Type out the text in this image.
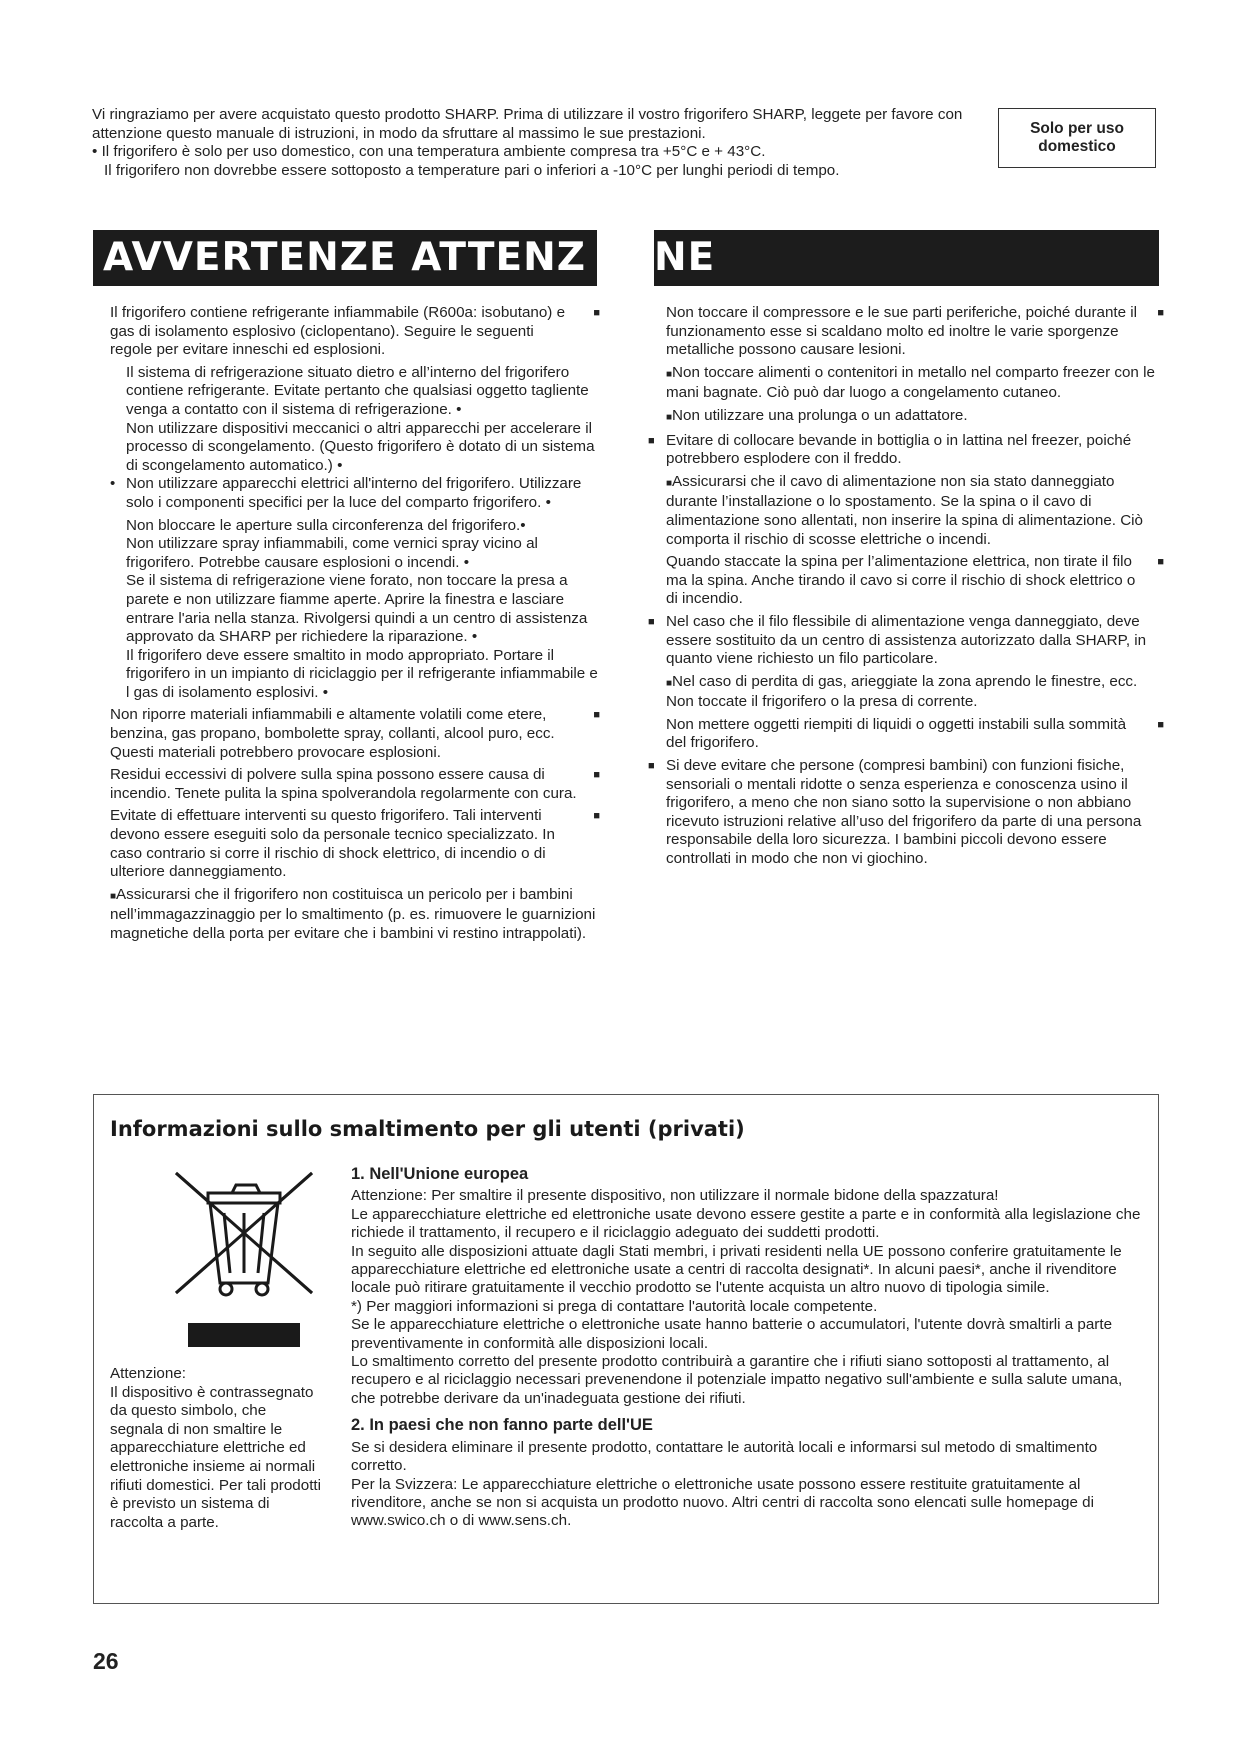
Vi ringraziamo per avere acquistato questo prodotto SHARP. Prima di utilizzare il vostro frigorifero SHARP, leggete per favore con attenzione questo manuale di istruzioni, in modo da sfruttare al massimo le sue prestazioni.

• Il frigorifero è solo per uso domestico, con una temperatura ambiente compresa tra +5°C e + 43°C.

Il frigorifero non dovrebbe essere sottoposto a temperature pari o inferiori a -10°C per lunghi periodi di tempo.

Solo per uso
domestico
AVVERTENZE ATTENZ NE
Il frigorifero contiene refrigerante infiammabile (R600a: isobutano) e gas di isolamento esplosivo (ciclopentano). Seguire le seguenti regole per evitare inneschi ed esplosioni.
■
Il sistema di refrigerazione situato dietro e all’interno del frigorifero contiene refrigerante. Evitate pertanto che qualsiasi oggetto tagliente venga a contatto con il sistema di refrigerazione. •
Non utilizzare dispositivi meccanici o altri apparecchi per accelerare il processo di scongelamento. (Questo frigorifero è dotato di un sistema di scongelamento automatico.) •
• Non utilizzare apparecchi elettrici all'interno del frigorifero. Utilizzare solo i componenti specifici per la luce del comparto frigorifero. •
Non bloccare le aperture sulla circonferenza del frigorifero.•
Non utilizzare spray infiammabili, come vernici spray vicino al frigorifero. Potrebbe causare esplosioni o incendi. •
Se il sistema di refrigerazione viene forato, non toccare la presa a parete e non utilizzare fiamme aperte. Aprire la finestra e lasciare entrare l'aria nella stanza. Rivolgersi quindi a un centro di assistenza approvato da SHARP per richiedere la riparazione. •
Il frigorifero deve essere smaltito in modo appropriato. Portare il frigorifero in un impianto di riciclaggio per il refrigerante infiammabile e l gas di isolamento esplosivi. •
Non riporre materiali infiammabili e altamente volatili come etere, benzina, gas propano, bombolette spray, collanti, alcool puro, ecc. Questi materiali potrebbero provocare esplosioni.
■
Residui eccessivi di polvere sulla spina possono essere causa di incendio. Tenete pulita la spina spolverandola regolarmente con cura.
■
Evitate di effettuare interventi su questo frigorifero. Tali interventi devono essere eseguiti solo da personale tecnico specializzato. In caso contrario si corre il rischio di shock elettrico, di incendio o di ulteriore danneggiamento.
■
■Assicurarsi che il frigorifero non costituisca un pericolo per i bambini nell’immagazzinaggio per lo smaltimento (p. es. rimuovere le guarnizioni magnetiche della porta per evitare che i bambini vi restino intrappolati).
Non toccare il compressore e le sue parti periferiche, poiché durante il funzionamento esse si scaldano molto ed inoltre le varie sporgenze metalliche possono causare lesioni.
■
■Non toccare alimenti o contenitori in metallo nel comparto freezer con le mani bagnate. Ciò può dar luogo a congelamento cutaneo.
■Non utilizzare una prolunga o un adattatore.
■ Evitare di collocare bevande in bottiglia o in lattina nel freezer, poiché potrebbero esplodere con il freddo.
■Assicurarsi che il cavo di alimentazione non sia stato danneggiato durante l’installazione o lo spostamento. Se la spina o il cavo di alimentazione sono allentati, non inserire la spina di alimentazione. Ciò comporta il rischio di scosse elettriche o incendi.
Quando staccate la spina per l’alimentazione elettrica, non tirate il filo ma la spina. Anche tirando il cavo si corre il rischio di shock elettrico o di incendio.
■
■ Nel caso che il filo flessibile di alimentazione venga danneggiato, deve essere sostituito da un centro di assistenza autorizzato dalla SHARP, in quanto viene richiesto un filo particolare.
■Nel caso di perdita di gas, arieggiate la zona aprendo le finestre, ecc. Non toccate il frigorifero o la presa di corrente.
Non mettere oggetti riempiti di liquidi o oggetti instabili sulla sommità del frigorifero.
■
■ Si deve evitare che persone (compresi bambini) con funzioni fisiche, sensoriali o mentali ridotte o senza esperienza e conoscenza usino il frigorifero, a meno che non siano sotto la supervisione o non abbiano ricevuto istruzioni relative all’uso del frigorifero da parte di una persona responsabile della loro sicurezza. I bambini piccoli devono essere controllati in modo che non vi giochino.
Informazioni sullo smaltimento per gli utenti (privati)
Attenzione:
Il dispositivo è contrassegnato da questo simbolo, che segnala di non smaltire le apparecchiature elettriche ed elettroniche insieme ai normali rifiuti domestici. Per tali prodotti è previsto un sistema di raccolta a parte.
1. Nell'Unione europea

Attenzione: Per smaltire il presente dispositivo, non utilizzare il normale bidone della spazzatura!

Le apparecchiature elettriche ed elettroniche usate devono essere gestite a parte e in conformità alla legislazione che richiede il trattamento, il recupero e il riciclaggio adeguato dei suddetti prodotti.

In seguito alle disposizioni attuate dagli Stati membri, i privati residenti nella UE possono conferire gratuitamente le apparecchiature elettriche ed elettroniche usate a centri di raccolta designati*. In alcuni paesi*, anche il rivenditore locale può ritirare gratuitamente il vecchio prodotto se l'utente acquista un altro nuovo di tipologia simile.

*) Per maggiori informazioni si prega di contattare l'autorità locale competente.

Se le apparecchiature elettriche o elettroniche usate hanno batterie o accumulatori, l'utente dovrà smaltirli a parte preventivamente in conformità alle disposizioni locali.

Lo smaltimento corretto del presente prodotto contribuirà a garantire che i rifiuti siano sottoposti al trattamento, al recupero e al riciclaggio necessari prevenendone il potenziale impatto negativo sull'ambiente e sulla salute umana, che potrebbe derivare da un'inadeguata gestione dei rifiuti.

2. In paesi che non fanno parte dell'UE

Se si desidera eliminare il presente prodotto, contattare le autorità locali e informarsi sul metodo di smaltimento corretto.

Per la Svizzera: Le apparecchiature elettriche o elettroniche usate possono essere restituite gratuitamente al rivenditore, anche se non si acquista un prodotto nuovo. Altri centri di raccolta sono elencati sulle homepage di www.swico.ch o di www.sens.ch.

26
